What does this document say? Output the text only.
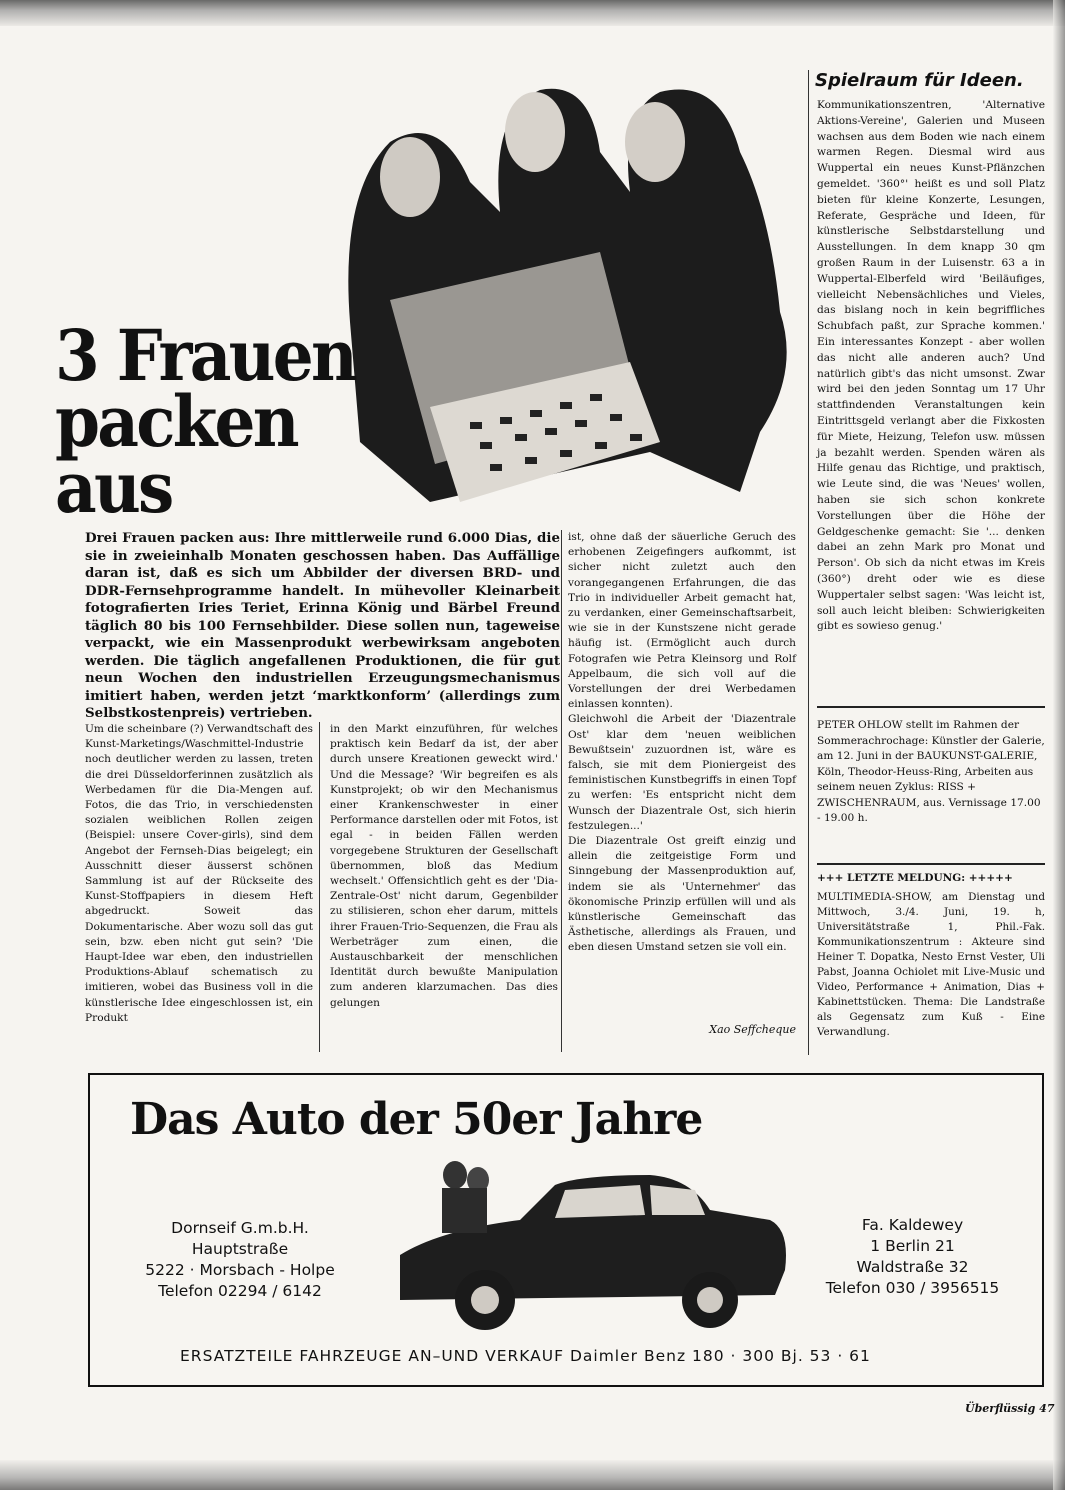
3 Frauen
packen aus
Spielraum für Ideen.

Kommunikationszentren, 'Alternative Aktions-Vereine', Galerien und Museen wachsen aus dem Boden wie nach einem warmen Regen. Diesmal wird aus Wuppertal ein neues Kunst-Pflänzchen gemeldet. '360°' heißt es und soll Platz bieten für kleine Konzerte, Lesungen, Referate, Gespräche und Ideen, für künstlerische Selbstdarstellung und Ausstellungen. In dem knapp 30 qm großen Raum in der Luisenstr. 63 a in Wuppertal-Elberfeld wird 'Beiläufiges, vielleicht Nebensächliches und Vieles, das bislang noch in kein begriffliches Schubfach paßt, zur Sprache kommen.' Ein interessantes Konzept - aber wollen das nicht alle anderen auch? Und natürlich gibt's das nicht umsonst. Zwar wird bei den jeden Sonntag um 17 Uhr stattfindenden Veranstaltungen kein Eintrittsgeld verlangt aber die Fixkosten für Miete, Heizung, Telefon usw. müssen ja bezahlt werden. Spenden wären als Hilfe genau das Richtige, und praktisch, wie Leute sind, die was 'Neues' wollen, haben sie sich schon konkrete Vorstellungen über die Höhe der Geldgeschenke gemacht: Sie '... denken dabei an zehn Mark pro Monat und Person'. Ob sich da nicht etwas im Kreis (360°) dreht oder wie es diese Wuppertaler selbst sagen: 'Was leicht ist, soll auch leicht bleiben: Schwierigkeiten gibt es sowieso genug.'

PETER OHLOW stellt im Rahmen der Sommerachrochage: Künstler der Galerie, am 12. Juni in der BAUKUNST-GALERIE, Köln, Theodor-Heuss-Ring, Arbeiten aus seinem neuen Zyklus: RISS + ZWISCHENRAUM, aus. Vernissage 17.00 - 19.00 h.

+++ LETZTE MELDUNG: +++++

MULTIMEDIA-SHOW, am Dienstag und Mittwoch, 3./4. Juni, 19. h, Universitätstraße 1, Phil.-Fak. Kommunikationszentrum : Akteure sind Heiner T. Dopatka, Nesto Ernst Vester, Uli Pabst, Joanna Ochiolet mit Live-Music und Video, Performance + Animation, Dias + Kabinettstücken. Thema: Die Landstraße als Gegensatz zum Kuß - Eine Verwandlung.

Drei Frauen packen aus: Ihre mittlerweile rund 6.000 Dias, die sie in zweieinhalb Monaten geschossen haben. Das Auffällige daran ist, daß es sich um Abbilder der diversen BRD- und DDR-Fernsehprogramme handelt. In mühevoller Kleinarbeit fotografierten Iries Teriet, Erinna König und Bärbel Freund täglich 80 bis 100 Fernsehbilder. Diese sollen nun, tageweise verpackt, wie ein Massenprodukt werbewirksam angeboten werden. Die täglich angefallenen Produktionen, die für gut neun Wochen den industriellen Erzeugungsmechanismus imitiert haben, werden jetzt ‘marktkonform’ (allerdings zum Selbstkostenpreis) vertrieben.

Um die scheinbare (?) Verwandtschaft des Kunst-Marketings/Waschmittel-Industrie noch deutlicher werden zu lassen, treten die drei Düsseldorferinnen zusätzlich als Werbedamen für die Dia-Mengen auf. Fotos, die das Trio, in verschiedensten sozialen weiblichen Rollen zeigen (Beispiel: unsere Cover-girls), sind dem Angebot der Fernseh-Dias beigelegt; ein Ausschnitt dieser äusserst schönen Sammlung ist auf der Rückseite des Kunst-Stoffpapiers in diesem Heft abgedruckt. Soweit das Dokumentarische. Aber wozu soll das gut sein, bzw. eben nicht gut sein? 'Die Haupt-Idee war eben, den industriellen Produktions-Ablauf schematisch zu imitieren, wobei das Business voll in die künstlerische Idee eingeschlossen ist, ein Produkt

in den Markt einzuführen, für welches praktisch kein Bedarf da ist, der aber durch unsere Kreationen geweckt wird.' Und die Message? 'Wir begreifen es als Kunstprojekt; ob wir den Mechanismus einer Krankenschwester in einer Performance darstellen oder mit Fotos, ist egal - in beiden Fällen werden vorgegebene Strukturen der Gesellschaft übernommen, bloß das Medium wechselt.' Offensichtlich geht es der 'Dia-Zentrale-Ost' nicht darum, Gegenbilder zu stilisieren, schon eher darum, mittels ihrer Frauen-Trio-Sequenzen, die Frau als Werbeträger zum einen, die Austauschbarkeit der menschlichen Identität durch bewußte Manipulation zum anderen klarzumachen. Das dies gelungen

ist, ohne daß der säuerliche Geruch des erhobenen Zeigefingers aufkommt, ist sicher nicht zuletzt auch den vorangegangenen Erfahrungen, die das Trio in individueller Arbeit gemacht hat, zu verdanken, einer Gemeinschaftsarbeit, wie sie in der Kunstszene nicht gerade häufig ist. (Ermöglicht auch durch Fotografen wie Petra Kleinsorg und Rolf Appelbaum, die sich voll auf die Vorstellungen der drei Werbedamen einlassen konnten).

Gleichwohl die Arbeit der 'Diazentrale Ost' klar dem 'neuen weiblichen Bewußtsein' zuzuordnen ist, wäre es falsch, sie mit dem Pioniergeist des feministischen Kunstbegriffs in einen Topf zu werfen: 'Es entspricht nicht dem Wunsch der Diazentrale Ost, sich hierin festzulegen...'

Die Diazentrale Ost greift einzig und allein die zeitgeistige Form und Sinngebung der Massenproduktion auf, indem sie als 'Unternehmer' das ökonomische Prinzip erfüllen will und als künstlerische Gemeinschaft das Ästhetische, allerdings als Frauen, und eben diesen Umstand setzen sie voll ein.

Xao Seffcheque
Das Auto der 50er Jahre
Dornseif G.m.b.H.
Hauptstraße
5222 · Morsbach - Holpe
Telefon 02294 / 6142
Fa. Kaldewey
1 Berlin 21
Waldstraße 32
Telefon 030 / 3956515
ERSATZTEILE FAHRZEUGE AN–UND VERKAUF Daimler Benz 180 · 300 Bj. 53 · 61
Überflüssig 47
